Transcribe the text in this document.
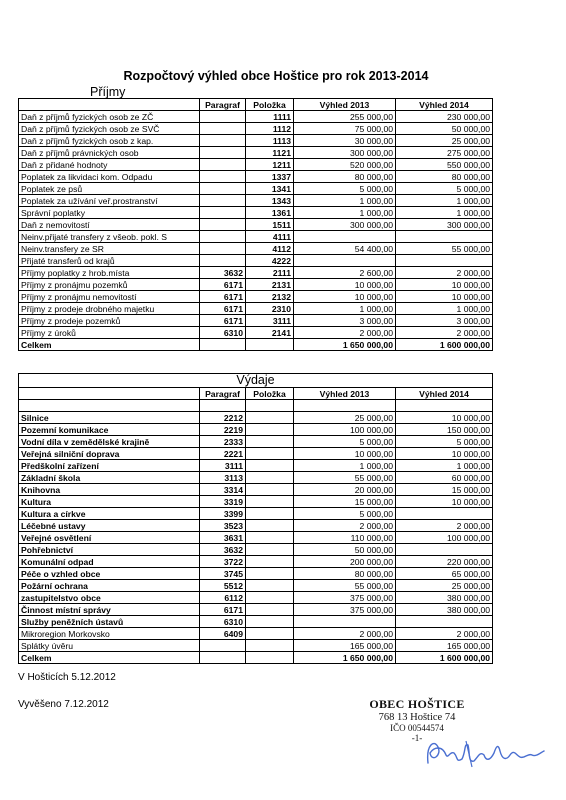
Rozpočtový výhled obce Hoštice pro rok 2013-2014
Příjmy
	Paragraf	Položka	Výhled 2013	Výhled 2014
Daň z příjmů fyzických osob ze ZČ		1111	255 000,00	230 000,00
Daň z příjmů fyzických osob ze SVČ		1112	75 000,00	50 000,00
Daň z příjmů fyzických osob z kap.		1113	30 000,00	25 000,00
Daň z příjmů právnických osob		1121	300 000,00	275 000,00
Daň z přidané hodnoty		1211	520 000,00	550 000,00
Poplatek za likvidaci kom. Odpadu		1337	80 000,00	80 000,00
Poplatek ze psů		1341	5 000,00	5 000,00
Poplatek za užívání veř.prostranství		1343	1 000,00	1 000,00
Správní poplatky		1361	1 000,00	1 000,00
Daň z nemovitostí		1511	300 000,00	300 000,00
Neinv.přijaté transfery z všeob. pokl. S		4111		
Neinv.transfery ze SR		4112	54 400,00	55 000,00
Přijaté transferů od krajů		4222		
Příjmy poplatky z hrob.místa	3632	2111	2 600,00	2 000,00
Příjmy z pronájmu pozemků	6171	2131	10 000,00	10 000,00
Příjmy z pronájmu nemovitostí	6171	2132	10 000,00	10 000,00
Příjmy z prodeje drobného majetku	6171	2310	1 000,00	1 000,00
Příjmy z prodeje pozemků	6171	3111	3 000,00	3 000,00
Příjmy z úroků	6310	2141	2 000,00	2 000,00
Celkem			1 650 000,00	1 600 000,00
Výdaje				
	Paragraf	Položka	Výhled 2013	Výhled 2014

Silnice	2212		25 000,00	10 000,00
Pozemní komunikace	2219		100 000,00	150 000,00
Vodní díla v zemědělské krajině	2333		5 000,00	5 000,00
Veřejná silniční doprava	2221		10 000,00	10 000,00
Předškolní zařízení	3111		1 000,00	1 000,00
Základní škola	3113		55 000,00	60 000,00
Knihovna	3314		20 000,00	15 000,00
Kultura	3319		15 000,00	10 000,00
Kultura a církve	3399		5 000,00	
Léčebné ustavy	3523		2 000,00	2 000,00
Veřejné osvětlení	3631		110 000,00	100 000,00
Pohřebnictví	3632		50 000,00	
Komunální odpad	3722		200 000,00	220 000,00
Péče o vzhled obce	3745		80 000,00	65 000,00
Požární ochrana	5512		55 000,00	25 000,00
zastupitelstvo obce	6112		375 000,00	380 000,00
Činnost místní správy	6171		375 000,00	380 000,00
Služby peněžních ústavů	6310			
Mikroregion Morkovsko	6409		2 000,00	2 000,00
Splátky úvěru			165 000,00	165 000,00
Celkem			1 650 000,00	1 600 000,00
V Hošticích 5.12.2012
Vyvěšeno 7.12.2012	OBEC HOŠTICE
768 13 Hoštice 74
IČO 00544574
-1-
